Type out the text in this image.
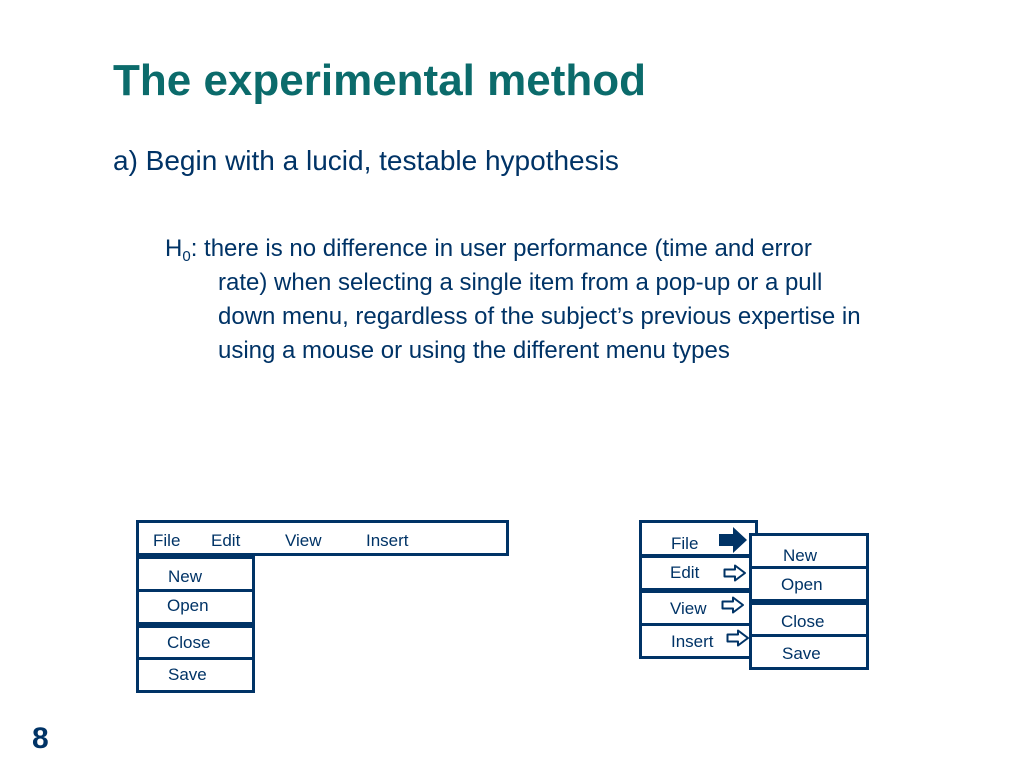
The experimental method
a) Begin with a lucid, testable hypothesis
$H_0$: there is no difference in user performance (time and error
rate) when selecting a single item from a pop-up or a pull
down menu, regardless of the subject’s previous expertise in
using a mouse or using the different menu types
File Edit	View	Insert
New
Open
Close
Save
File
Edit
View
Insert
New
Open
Close
Save
8
